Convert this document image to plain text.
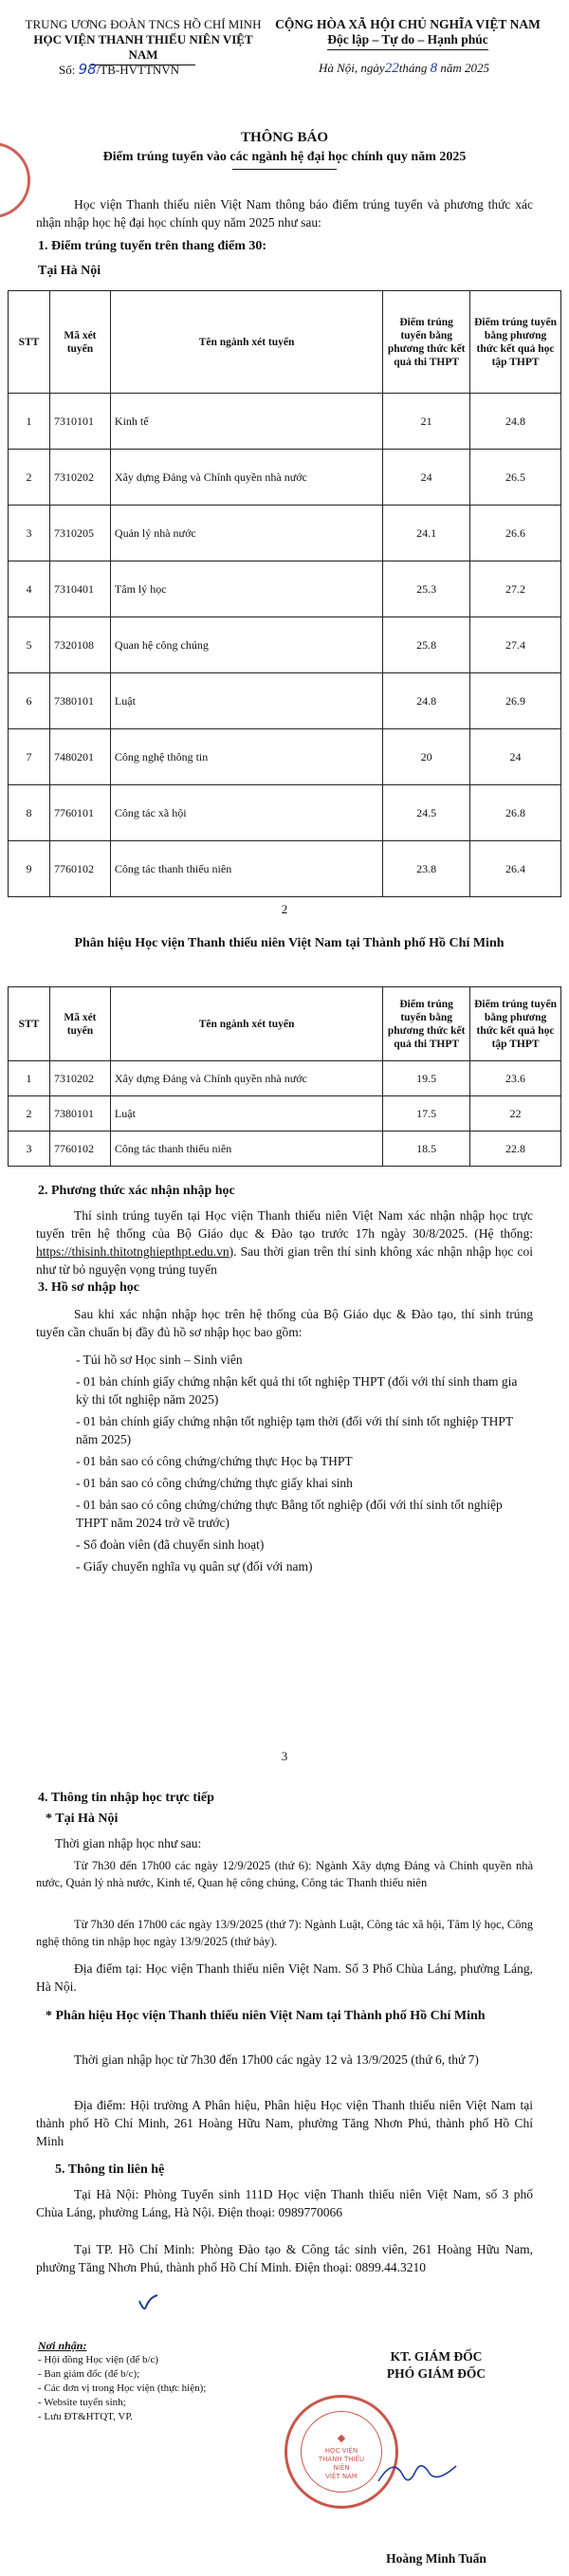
TRUNG ƯƠNG ĐOÀN TNCS HỒ CHÍ MINH
HỌC VIỆN THANH THIẾU NIÊN VIỆT NAM
CỘNG HÒA XÃ HỘI CHỦ NGHĨA VIỆT NAM
Độc lập – Tự do – Hạnh phúc
Số: 98/TB-HVTTNVN	Hà Nội, ngày22tháng 8 năm 2025
THÔNG BÁO
Điểm trúng tuyển vào các ngành hệ đại học chính quy năm 2025
Học viện Thanh thiếu niên Việt Nam thông báo điểm trúng tuyển và phương thức xác nhận nhập học hệ đại học chính quy năm 2025 như sau:
1. Điểm trúng tuyển trên thang điểm 30:
Tại Hà Nội
STT	Mã xét tuyển	Tên ngành xét tuyển	Điểm trúng tuyển bằng phương thức kết quả thi THPT	Điểm trúng tuyển bằng phương thức kết quả học tập THPT
1	7310101	Kinh tế	21	24.8
2	7310202	Xây dựng Đảng và Chính quyền nhà nước	24	26.5
3	7310205	Quản lý nhà nước	24.1	26.6
4	7310401	Tâm lý học	25.3	27.2
5	7320108	Quan hệ công chúng	25.8	27.4
6	7380101	Luật	24.8	26.9
7	7480201	Công nghệ thông tin	20	24
8	7760101	Công tác xã hội	24.5	26.8
9	7760102	Công tác thanh thiếu niên	23.8	26.4
2
Phân hiệu Học viện Thanh thiếu niên Việt Nam tại Thành phố Hồ Chí Minh
STT	Mã xét tuyển	Tên ngành xét tuyển	Điểm trúng tuyển bằng phương thức kết quả thi THPT	Điểm trúng tuyển bằng phương thức kết quả học tập THPT
1	7310202	Xây dựng Đảng và Chính quyền nhà nước	19.5	23.6
2	7380101	Luật	17.5	22
3	7760102	Công tác thanh thiếu niên	18.5	22.8
2. Phương thức xác nhận nhập học
Thí sinh trúng tuyển tại Học viện Thanh thiếu niên Việt Nam xác nhận nhập học trực tuyến trên hệ thống của Bộ Giáo dục & Đào tạo trước 17h ngày 30/8/2025. (Hệ thống: https://thisinh.thitotnghiepthpt.edu.vn). Sau thời gian trên thí sinh không xác nhận nhập học coi như từ bỏ nguyện vọng trúng tuyển
3. Hồ sơ nhập học
Sau khi xác nhận nhập học trên hệ thống của Bộ Giáo dục & Đào tạo, thí sinh trúng tuyển cần chuẩn bị đầy đủ hồ sơ nhập học bao gồm:
- Túi hồ sơ Học sinh – Sinh viên
- 01 bản chính giấy chứng nhận kết quả thi tốt nghiệp THPT (đối với thí sinh tham gia kỳ thi tốt nghiệp năm 2025)
- 01 bản chính giấy chứng nhận tốt nghiệp tạm thời (đối với thí sinh tốt nghiệp THPT năm 2025)
- 01 bản sao có công chứng/chứng thực Học bạ THPT
- 01 bản sao có công chứng/chứng thực giấy khai sinh
- 01 bản sao có công chứng/chứng thực Bằng tốt nghiệp (đối với thí sinh tốt nghiệp THPT năm 2024 trở về trước)
- Sổ đoàn viên (đã chuyển sinh hoạt)
- Giấy chuyển nghĩa vụ quân sự (đối với nam)
3
4. Thông tin nhập học trực tiếp
* Tại Hà Nội
Thời gian nhập học như sau:
Từ 7h30 đến 17h00 các ngày 12/9/2025 (thứ 6): Ngành Xây dựng Đảng và Chính quyền nhà nước, Quản lý nhà nước, Kinh tế, Quan hệ công chúng, Công tác Thanh thiếu niên
Từ 7h30 đến 17h00 các ngày 13/9/2025 (thứ 7): Ngành Luật, Công tác xã hội, Tâm lý học, Công nghệ thông tin nhập học ngày 13/9/2025 (thứ bảy).
Địa điểm tại: Học viện Thanh thiếu niên Việt Nam. Số 3 Phố Chùa Láng, phường Láng, Hà Nội.
* Phân hiệu Học viện Thanh thiếu niên Việt Nam tại Thành phố Hồ Chí Minh
Thời gian nhập học từ 7h30 đến 17h00 các ngày 12 và 13/9/2025 (thứ 6, thứ 7)
Địa điểm: Hội trường A Phân hiệu, Phân hiệu Học viện Thanh thiếu niên Việt Nam tại thành phố Hồ Chí Minh, 261 Hoàng Hữu Nam, phường Tăng Nhơn Phú, thành phố Hồ Chí Minh
5. Thông tin liên hệ
Tại Hà Nội: Phòng Tuyển sinh 111D Học viện Thanh thiếu niên Việt Nam, số 3 phố Chùa Láng, phường Láng, Hà Nội. Điện thoại: 0989770066
Tại TP. Hồ Chí Minh: Phòng Đào tạo & Công tác sinh viên, 261 Hoàng Hữu Nam, phường Tăng Nhơn Phú, thành phố Hồ Chí Minh. Điện thoại: 0899.44.3210
Nơi nhận:
- Hội đồng Học viện (để b/c)
- Ban giám đốc (để b/c);
- Các đơn vị trong Học viện (thực hiện);
- Website tuyển sinh;
- Lưu ĐT&HTQT, VP.
KT. GIÁM ĐỐC
PHÓ GIÁM ĐỐC

HỌC VIỆN
THANH THIẾU NIÊN
VIỆT NAM
Hoàng Minh Tuấn
